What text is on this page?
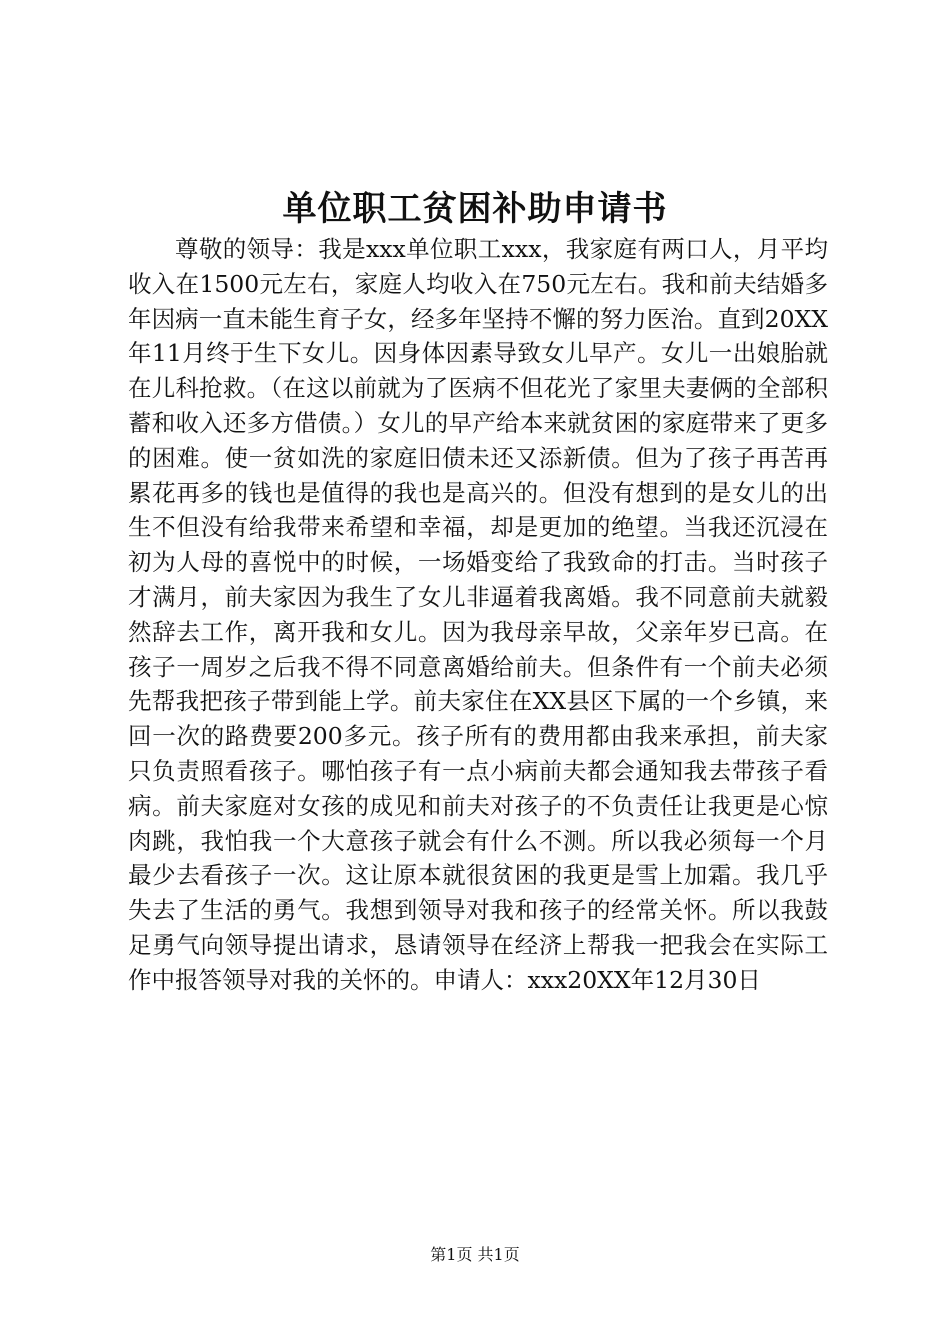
单位职工贫困补助申请书

尊敬的领导：我是xxx单位职工xxx，我家庭有两口人，月平均收入在1500元左右，家庭人均收入在750元左右。我和前夫结婚多年因病一直未能生育子女，经多年坚持不懈的努力医治。直到20XX年11月终于生下女儿。因身体因素导致女儿早产。女儿一出娘胎就在儿科抢救。（在这以前就为了医病不但花光了家里夫妻俩的全部积蓄和收入还多方借债。）女儿的早产给本来就贫困的家庭带来了更多的困难。使一贫如洗的家庭旧债未还又添新债。但为了孩子再苦再累花再多的钱也是值得的我也是高兴的。但没有想到的是女儿的出生不但没有给我带来希望和幸福，却是更加的绝望。当我还沉浸在初为人母的喜悦中的时候，一场婚变给了我致命的打击。当时孩子才满月，前夫家因为我生了女儿非逼着我离婚。我不同意前夫就毅然辞去工作，离开我和女儿。因为我母亲早故，父亲年岁已高。在孩子一周岁之后我不得不同意离婚给前夫。但条件有一个前夫必须先帮我把孩子带到能上学。前夫家住在XX县区下属的一个乡镇，来回一次的路费要200多元。孩子所有的费用都由我来承担，前夫家只负责照看孩子。哪怕孩子有一点小病前夫都会通知我去带孩子看病。前夫家庭对女孩的成见和前夫对孩子的不负责任让我更是心惊肉跳，我怕我一个大意孩子就会有什么不测。所以我必须每一个月最少去看孩子一次。这让原本就很贫困的我更是雪上加霜。我几乎失去了生活的勇气。我想到领导对我和孩子的经常关怀。所以我鼓足勇气向领导提出请求，恳请领导在经济上帮我一把我会在实际工作中报答领导对我的关怀的。申请人：xxx20XX年12月30日

第1页 共1页
